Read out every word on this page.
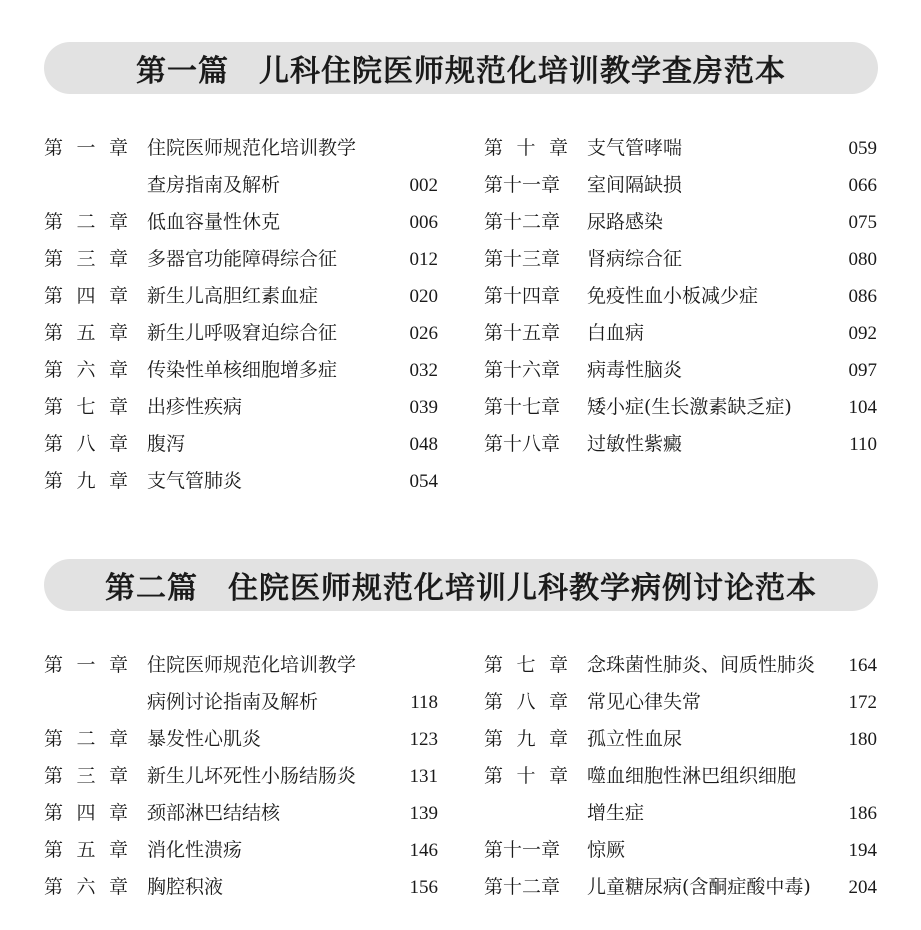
第一篇 儿科住院医师规范化培训教学查房范本
第 一 章 住院医师规范化培训教学
查房指南及解析	002
第 二 章 低血容量性休克	006
第 三 章 多器官功能障碍综合征	012
第 四 章 新生儿高胆红素血症	020
第 五 章 新生儿呼吸窘迫综合征	026
第 六 章 传染性单核细胞增多症	032
第 七 章 出疹性疾病	039
第 八 章 腹泻	048
第 九 章 支气管肺炎	054
第 十 章 支气管哮喘	059
第十一章 室间隔缺损	066
第十二章 尿路感染	075
第十三章 肾病综合征	080
第十四章 免疫性血小板减少症	086
第十五章 白血病	092
第十六章 病毒性脑炎	097
第十七章 矮小症(生长激素缺乏症)	104
第十八章 过敏性紫癜	110
第二篇 住院医师规范化培训儿科教学病例讨论范本
第 一 章 住院医师规范化培训教学
病例讨论指南及解析	118
第 二 章 暴发性心肌炎	123
第 三 章 新生儿坏死性小肠结肠炎	131
第 四 章 颈部淋巴结结核	139
第 五 章 消化性溃疡	146
第 六 章 胸腔积液	156
第 七 章 念珠菌性肺炎、间质性肺炎 164
第 八 章 常见心律失常	172
第 九 章 孤立性血尿	180
第 十 章 噬血细胞性淋巴组织细胞
增生症	186
第十一章 惊厥	194
第十二章 儿童糖尿病(含酮症酸中毒) 204
